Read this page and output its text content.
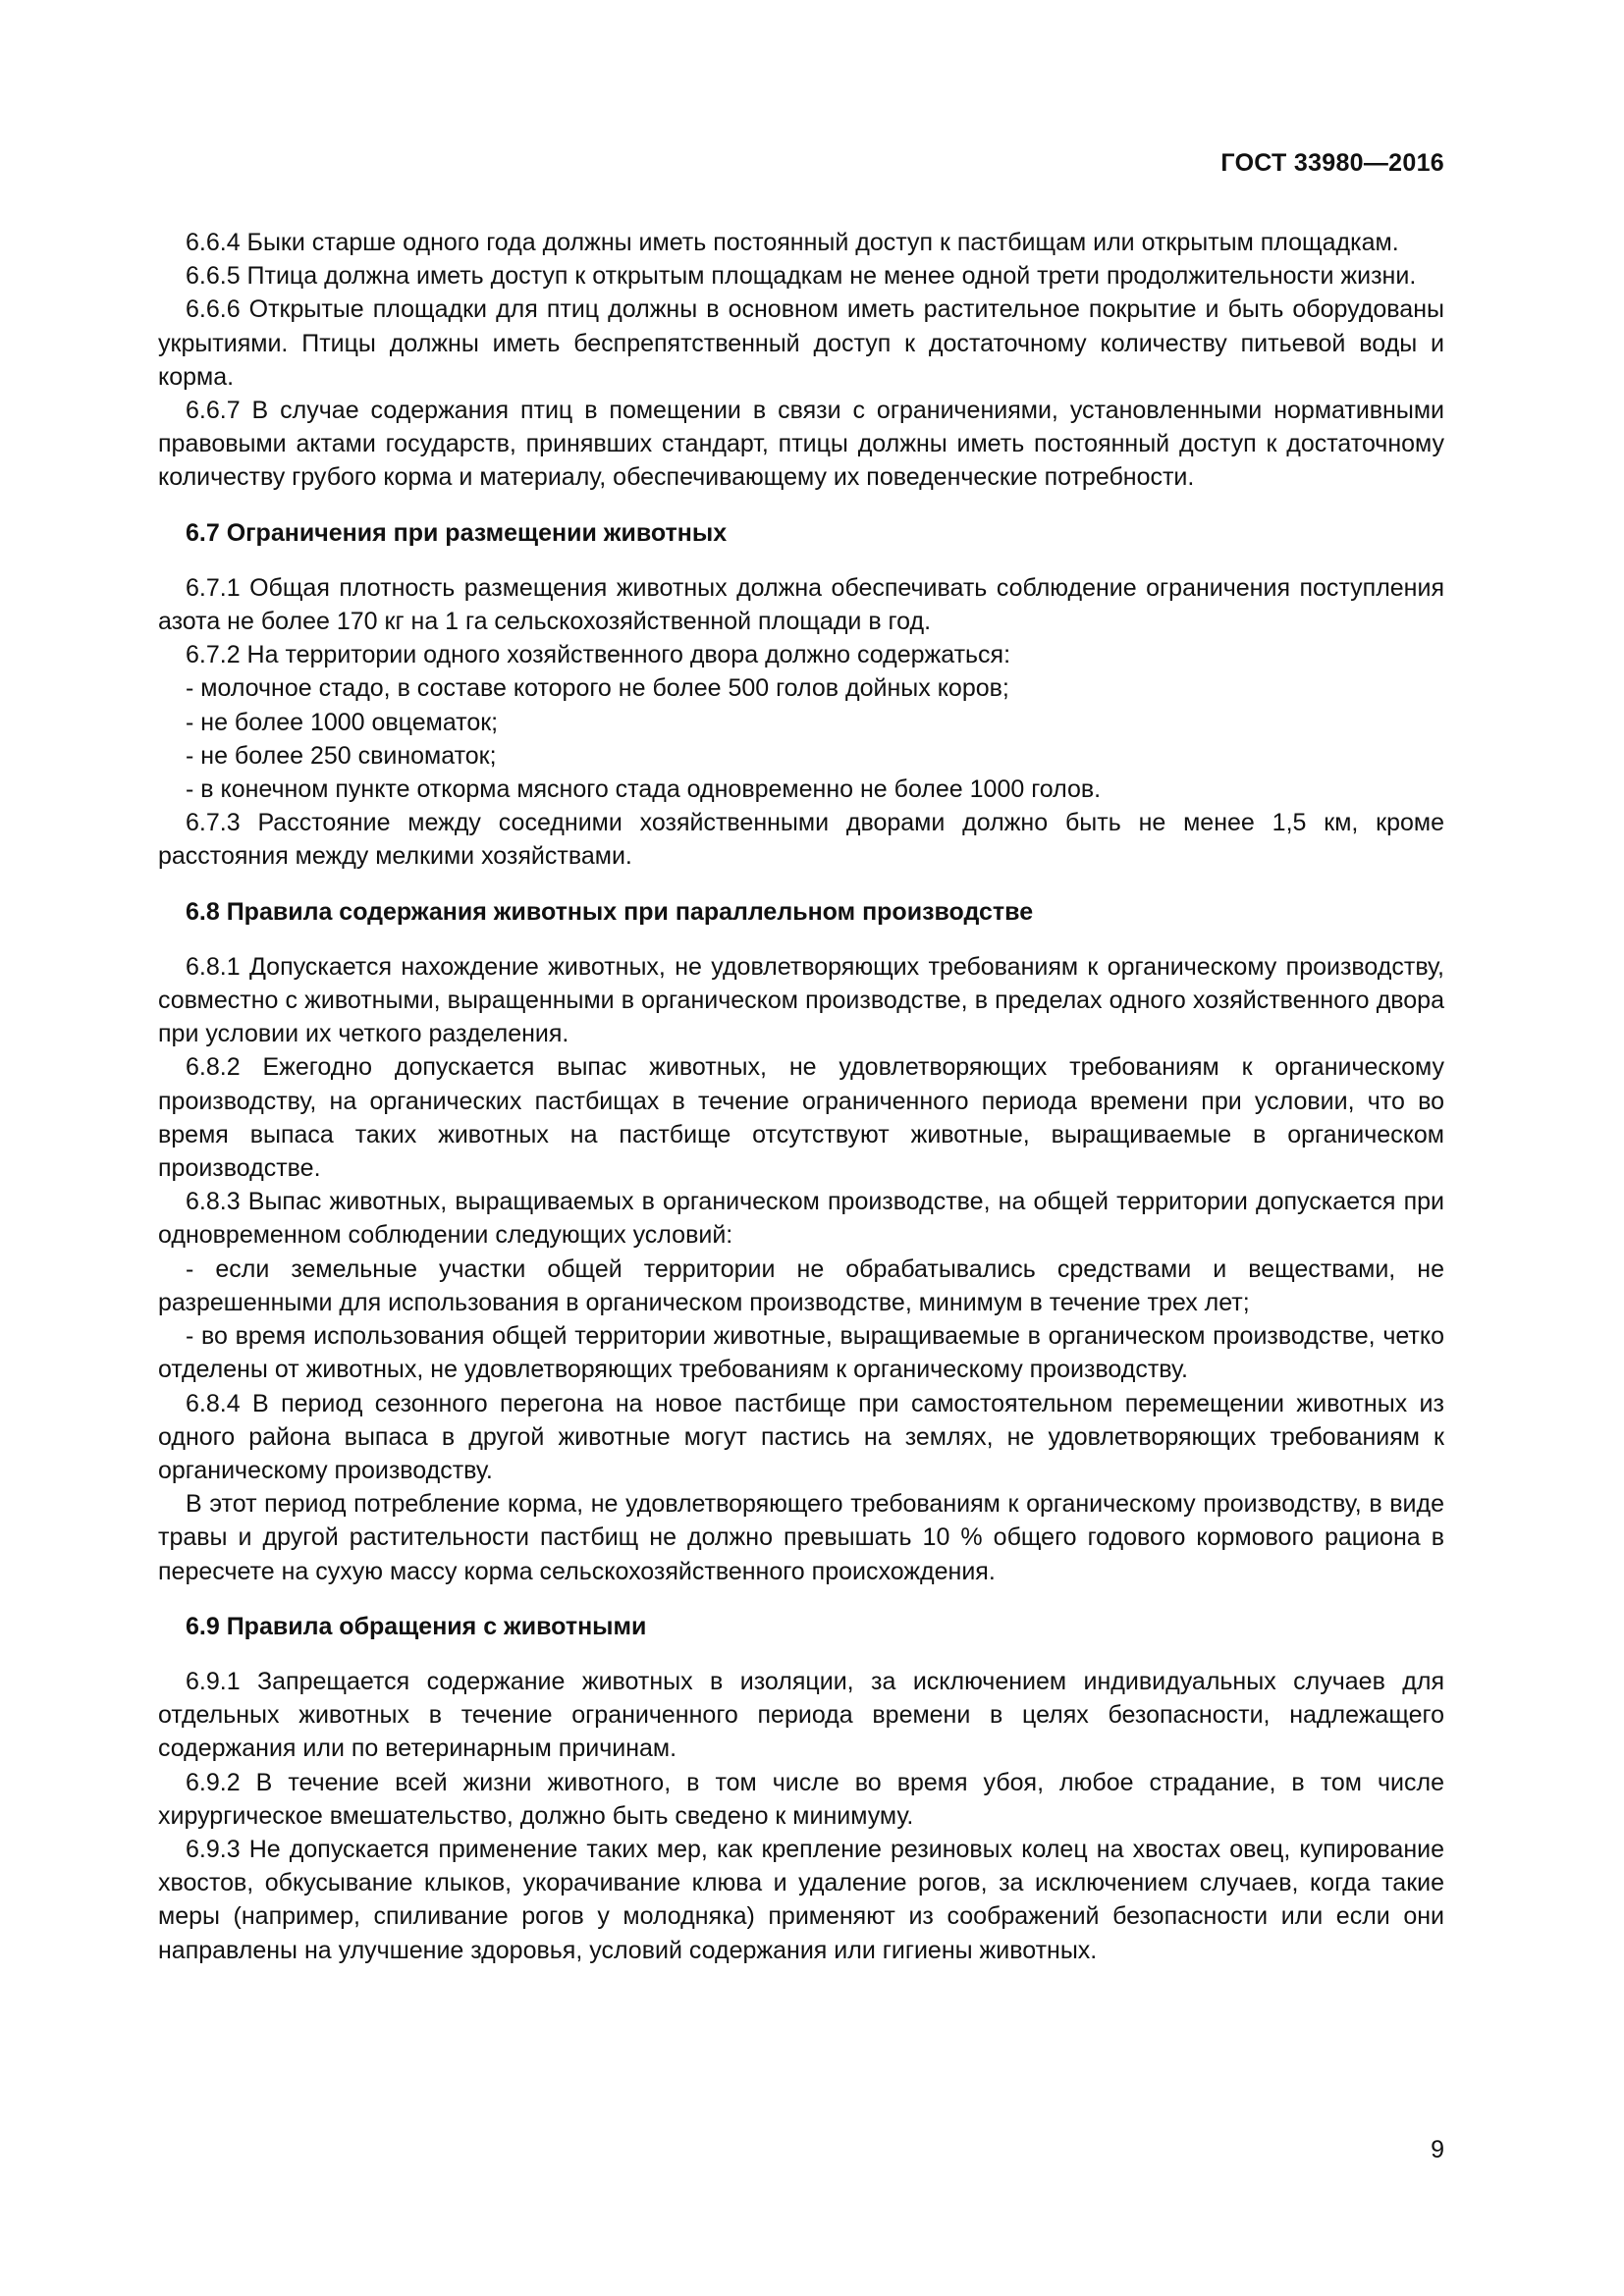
ГОСТ 33980—2016

6.6.4 Быки старше одного года должны иметь постоянный доступ к пастбищам или открытым площадкам.

6.6.5 Птица должна иметь доступ к открытым площадкам не менее одной трети продолжительности жизни.

6.6.6 Открытые площадки для птиц должны в основном иметь растительное покрытие и быть оборудованы укрытиями. Птицы должны иметь беспрепятственный доступ к достаточному количеству питьевой воды и корма.

6.6.7 В случае содержания птиц в помещении в связи с ограничениями, установленными нормативными правовыми актами государств, принявших стандарт, птицы должны иметь постоянный доступ к достаточному количеству грубого корма и материалу, обеспечивающему их поведенческие потребности.

6.7 Ограничения при размещении животных

6.7.1 Общая плотность размещения животных должна обеспечивать соблюдение ограничения поступления азота не более 170 кг на 1 га сельскохозяйственной площади в год.

6.7.2 На территории одного хозяйственного двора должно содержаться:

- молочное стадо, в составе которого не более 500 голов дойных коров;

- не более 1000 овцематок;

- не более 250 свиноматок;

- в конечном пункте откорма мясного стада одновременно не более 1000 голов.

6.7.3 Расстояние между соседними хозяйственными дворами должно быть не менее 1,5 км, кроме расстояния между мелкими хозяйствами.

6.8 Правила содержания животных при параллельном производстве

6.8.1 Допускается нахождение животных, не удовлетворяющих требованиям к органическому производству, совместно с животными, выращенными в органическом производстве, в пределах одного хозяйственного двора при условии их четкого разделения.

6.8.2 Ежегодно допускается выпас животных, не удовлетворяющих требованиям к органическому производству, на органических пастбищах в течение ограниченного периода времени при условии, что во время выпаса таких животных на пастбище отсутствуют животные, выращиваемые в органическом производстве.

6.8.3 Выпас животных, выращиваемых в органическом производстве, на общей территории допускается при одновременном соблюдении следующих условий:

- если земельные участки общей территории не обрабатывались средствами и веществами, не разрешенными для использования в органическом производстве, минимум в течение трех лет;

- во время использования общей территории животные, выращиваемые в органическом производстве, четко отделены от животных, не удовлетворяющих требованиям к органическому производству.

6.8.4 В период сезонного перегона на новое пастбище при самостоятельном перемещении животных из одного района выпаса в другой животные могут пастись на землях, не удовлетворяющих требованиям к органическому производству.

В этот период потребление корма, не удовлетворяющего требованиям к органическому производству, в виде травы и другой растительности пастбищ не должно превышать 10 % общего годового кормового рациона в пересчете на сухую массу корма сельскохозяйственного происхождения.

6.9 Правила обращения с животными

6.9.1 Запрещается содержание животных в изоляции, за исключением индивидуальных случаев для отдельных животных в течение ограниченного периода времени в целях безопасности, надлежащего содержания или по ветеринарным причинам.

6.9.2 В течение всей жизни животного, в том числе во время убоя, любое страдание, в том числе хирургическое вмешательство, должно быть сведено к минимуму.

6.9.3 Не допускается применение таких мер, как крепление резиновых колец на хвостах овец, купирование хвостов, обкусывание клыков, укорачивание клюва и удаление рогов, за исключением случаев, когда такие меры (например, спиливание рогов у молодняка) применяют из соображений безопасности или если они направлены на улучшение здоровья, условий содержания или гигиены животных.

9
